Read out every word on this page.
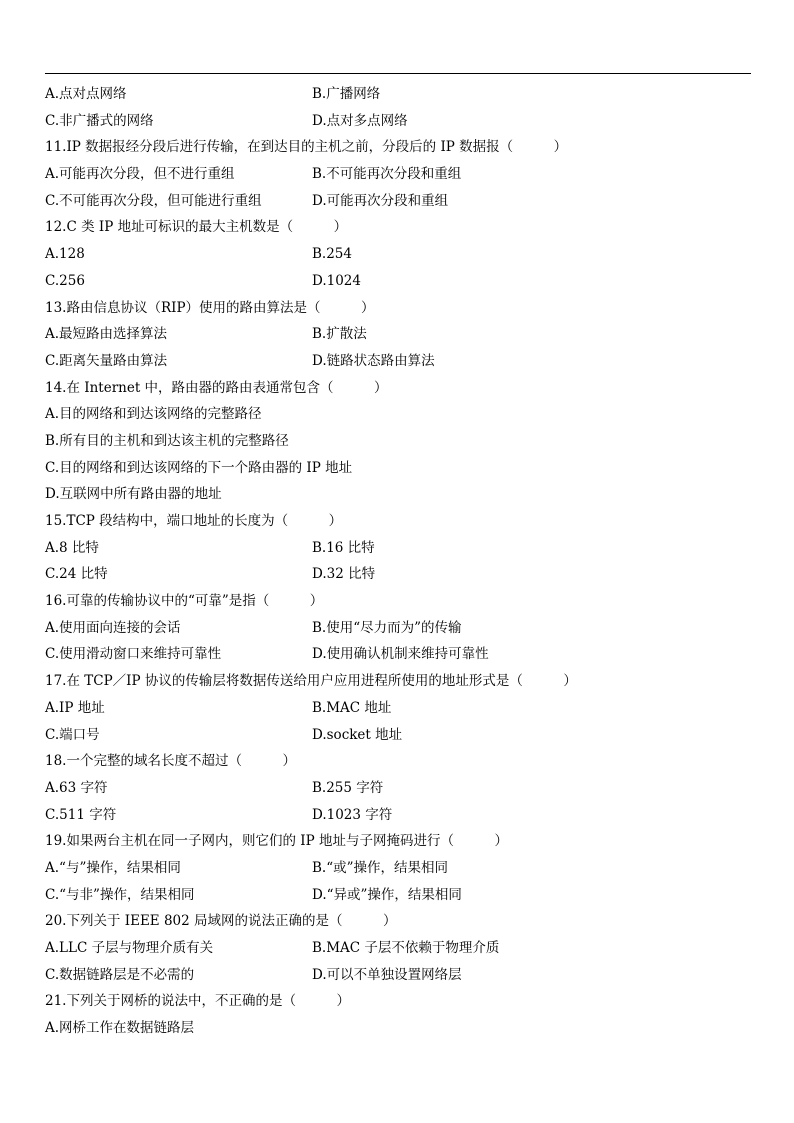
A.点对点网络	B.广播网络
C.非广播式的网络	D.点对多点网络
11.IP 数据报经分段后进行传输，在到达目的主机之前，分段后的 IP 数据报（　　　）
A.可能再次分段，但不进行重组	B.不可能再次分段和重组
C.不可能再次分段，但可能进行重组	D.可能再次分段和重组
12.C 类 IP 地址可标识的最大主机数是（　　　）
A.128	B.254
C.256	D.1024
13.路由信息协议（RIP）使用的路由算法是（　　　）
A.最短路由选择算法	B.扩散法
C.距离矢量路由算法	D.链路状态路由算法
14.在 Internet 中，路由器的路由表通常包含（　　　）
A.目的网络和到达该网络的完整路径
B.所有目的主机和到达该主机的完整路径
C.目的网络和到达该网络的下一个路由器的 IP 地址
D.互联网中所有路由器的地址
15.TCP 段结构中，端口地址的长度为（　　　）
A.8 比特	B.16 比特
C.24 比特	D.32 比特
16.可靠的传输协议中的“可靠”是指（　　　）
A.使用面向连接的会话	B.使用“尽力而为”的传输
C.使用滑动窗口来维持可靠性	D.使用确认机制来维持可靠性
17.在 TCP／IP 协议的传输层将数据传送给用户应用进程所使用的地址形式是（　　　）
A.IP 地址	B.MAC 地址
C.端口号	D.socket 地址
18.一个完整的域名长度不超过（　　　）
A.63 字符	B.255 字符
C.511 字符	D.1023 字符
19.如果两台主机在同一子网内，则它们的 IP 地址与子网掩码进行（　　　）
A.“与”操作，结果相同	B.“或”操作，结果相同
C.“与非”操作，结果相同	D.“异或”操作，结果相同
20.下列关于 IEEE 802 局域网的说法正确的是（　　　）
A.LLC 子层与物理介质有关	B.MAC 子层不依赖于物理介质
C.数据链路层是不必需的	D.可以不单独设置网络层
21.下列关于网桥的说法中，不正确的是（　　　）
A.网桥工作在数据链路层
